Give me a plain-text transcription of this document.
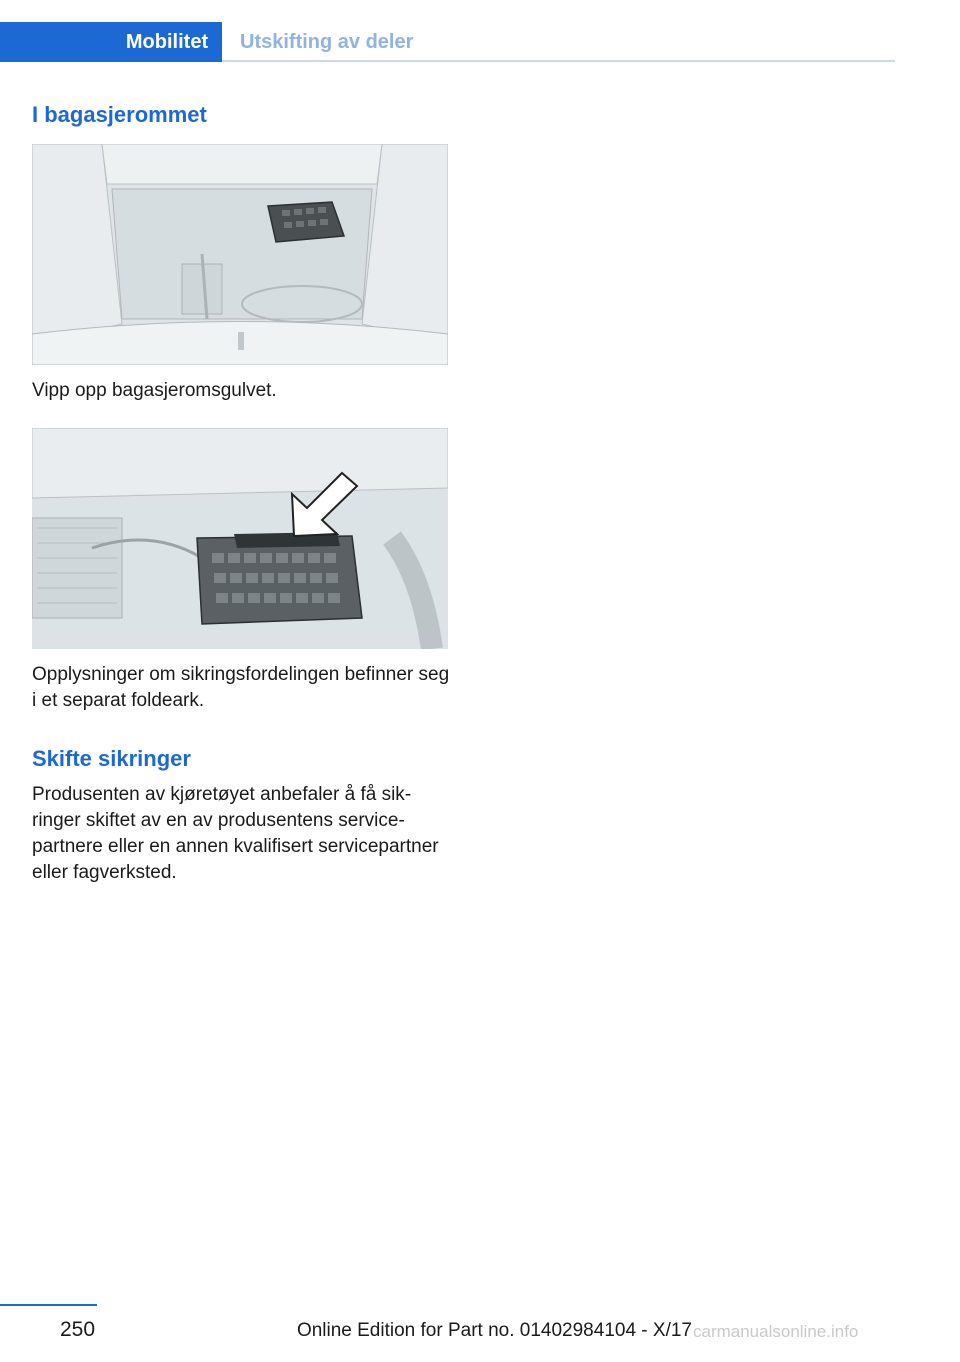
Mobilitet	Utskifting av deler
I bagasjerommet
Vipp opp bagasjeromsgulvet.
Opplysninger om sikringsfordelingen befinner seg i et separat foldeark.
Skifte sikringer
Produsenten av kjøretøyet anbefaler å få sikringer skiftet av en av produsentens servicepartnere eller en annen kvalifisert servicepartner eller fagverksted.
250	Online Edition for Part no. 01402984104 - X/17 carmanualsonline.info
